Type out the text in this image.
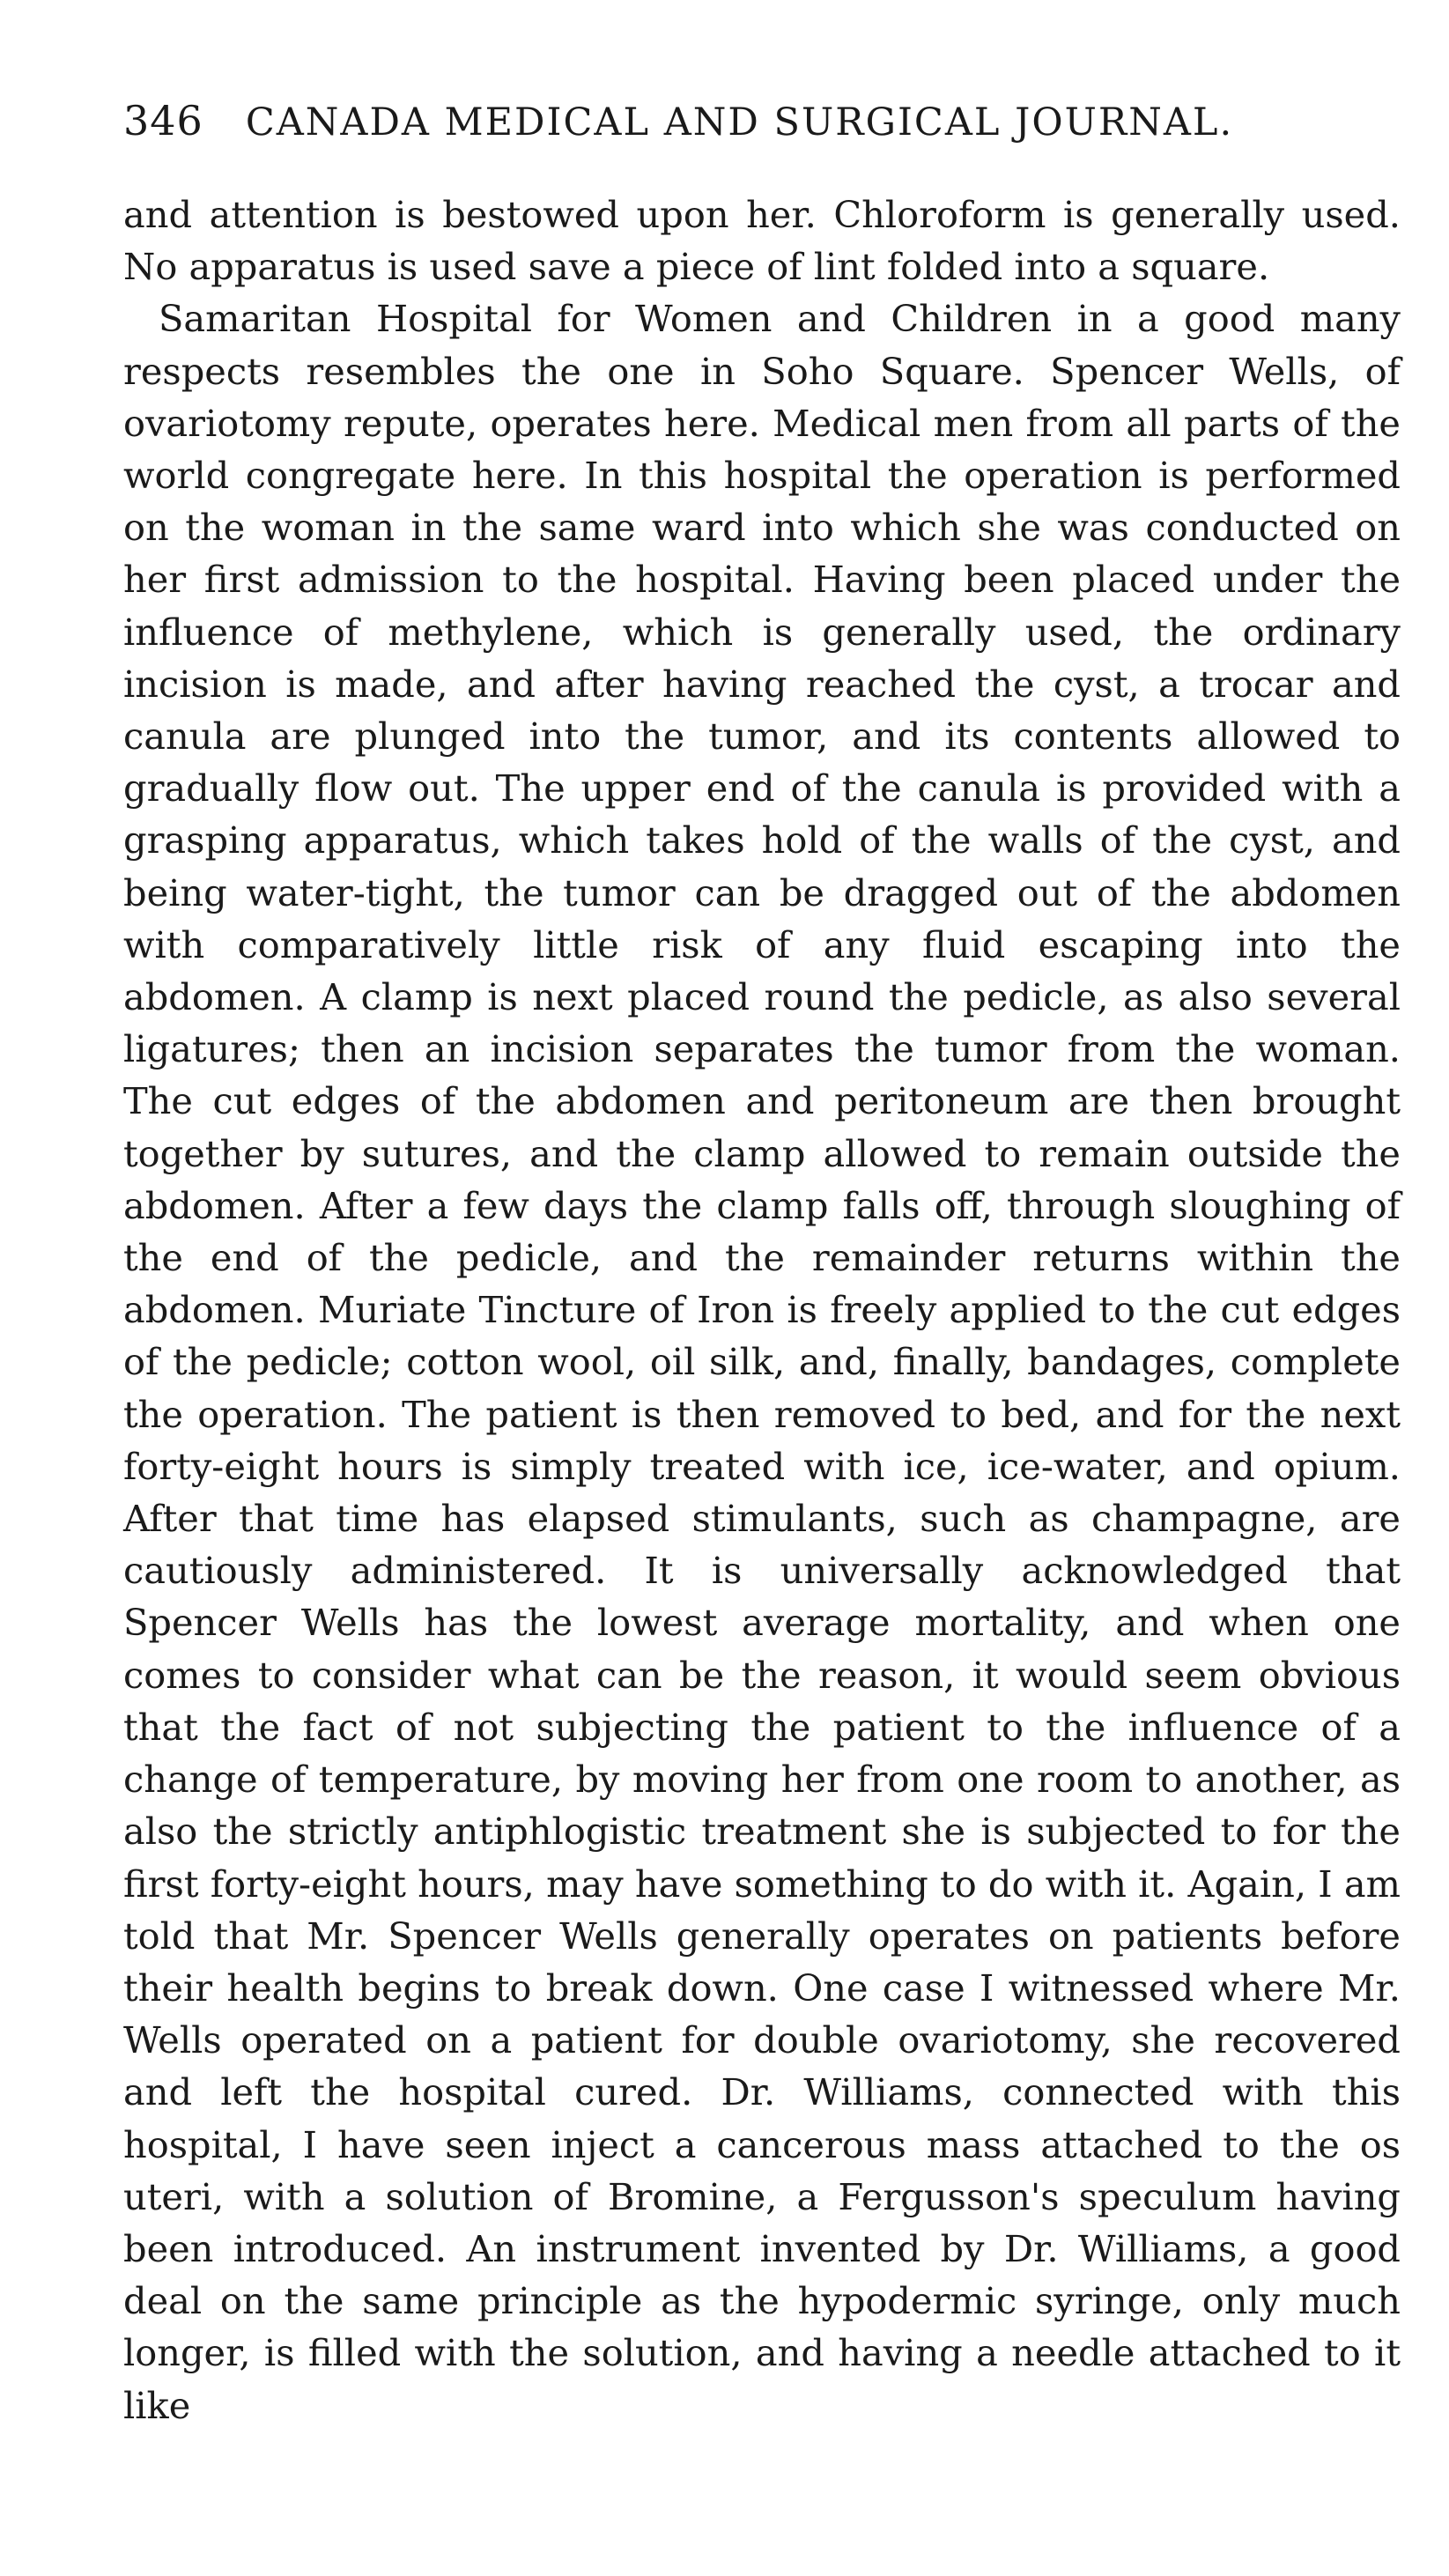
346 CANADA MEDICAL AND SURGICAL JOURNAL.

and attention is bestowed upon her. Chloroform is generally used. No apparatus is used save a piece of lint folded into a square.

Samaritan Hospital for Women and Children in a good many respects resembles the one in Soho Square. Spencer Wells, of ovariotomy repute, operates here. Medical men from all parts of the world congregate here. In this hospital the operation is performed on the woman in the same ward into which she was conducted on her first admission to the hospital. Having been placed under the influence of methylene, which is generally used, the ordinary incision is made, and after having reached the cyst, a trocar and canula are plunged into the tumor, and its contents allowed to gradually flow out. The upper end of the canula is provided with a grasping apparatus, which takes hold of the walls of the cyst, and being water-tight, the tumor can be dragged out of the abdomen with comparatively little risk of any fluid escaping into the abdomen. A clamp is next placed round the pedicle, as also several ligatures; then an incision separates the tumor from the woman. The cut edges of the abdomen and peritoneum are then brought together by sutures, and the clamp allowed to remain outside the abdomen. After a few days the clamp falls off, through sloughing of the end of the pedicle, and the remainder returns within the abdomen. Muriate Tincture of Iron is freely applied to the cut edges of the pedicle; cotton wool, oil silk, and, finally, bandages, complete the operation. The patient is then removed to bed, and for the next forty-eight hours is simply treated with ice, ice-water, and opium. After that time has elapsed stimulants, such as champagne, are cautiously administered. It is universally acknowledged that Spencer Wells has the lowest average mortality, and when one comes to consider what can be the reason, it would seem obvious that the fact of not subjecting the patient to the influence of a change of temperature, by moving her from one room to another, as also the strictly antiphlogistic treatment she is subjected to for the first forty-eight hours, may have something to do with it. Again, I am told that Mr. Spencer Wells generally operates on patients before their health begins to break down. One case I witnessed where Mr. Wells operated on a patient for double ovariotomy, she recovered and left the hospital cured. Dr. Williams, connected with this hospital, I have seen inject a cancerous mass attached to the os uteri, with a solution of Bromine, a Fergusson's speculum having been introduced. An instrument invented by Dr. Williams, a good deal on the same principle as the hypodermic syringe, only much longer, is filled with the solution, and having a needle attached to it like
